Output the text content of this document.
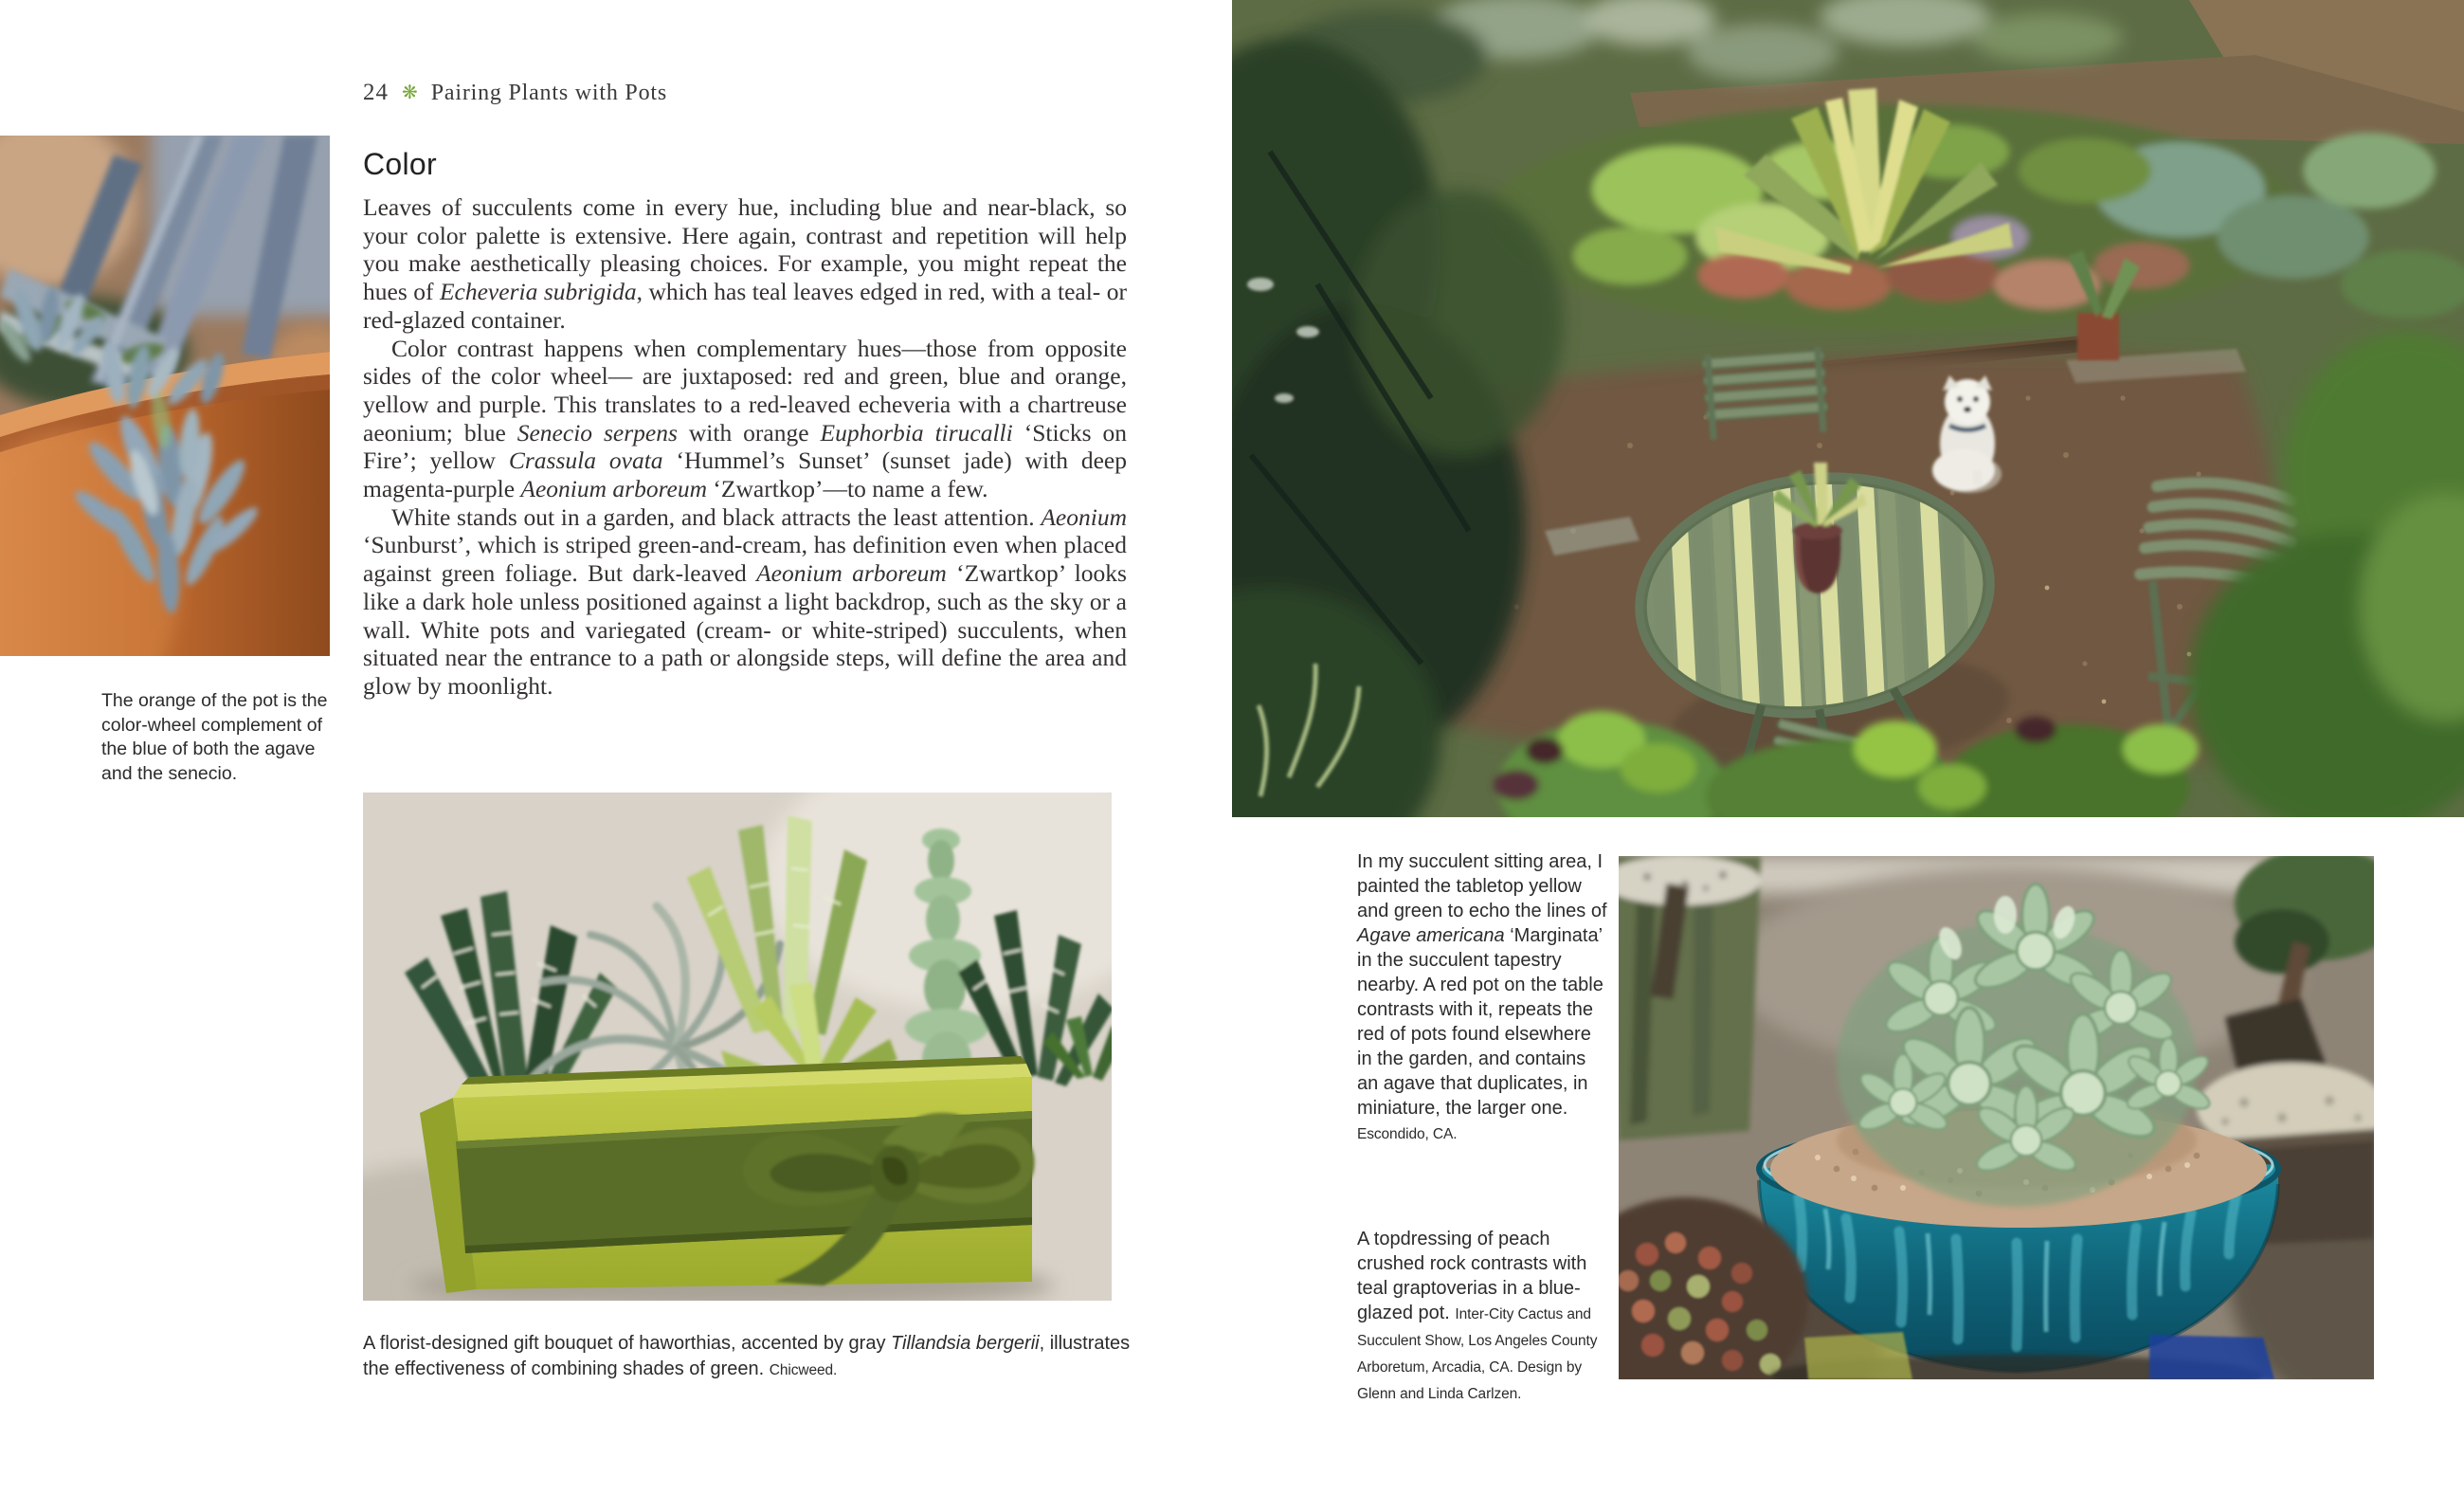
24 ❋ Pairing Plants with Pots
Color

Leaves of succulents come in every hue, including blue and near-black, so your color palette is extensive. Here again, contrast and repetition will help you make aesthetically pleasing choices. For example, you might repeat the hues of Echeveria subrigida, which has teal leaves edged in red, with a teal- or red-glazed container.

Color contrast happens when complementary hues—those from opposite sides of the color wheel— are juxtaposed: red and green, blue and orange, yellow and purple. This translates to a red-leaved echeveria with a chartreuse aeonium; blue Senecio serpens with orange Euphorbia tirucalli ‘Sticks on Fire’; yellow Crassula ovata ‘Hummel’s Sunset’ (sunset jade) with deep magenta-purple Aeonium arboreum ‘Zwartkop’—to name a few.

White stands out in a garden, and black attracts the least attention. Aeonium ‘Sunburst’, which is striped green-and-cream, has definition even when placed against green foliage. But dark-leaved Aeonium arboreum ‘Zwartkop’ looks like a dark hole unless positioned against a light backdrop, such as the sky or a wall. White pots and variegated (cream- or white-striped) succulents, when situated near the entrance to a path or alongside steps, will define the area and glow by moonlight.

The orange of the pot is the color-wheel complement of the blue of both the agave and the senecio.
A florist-designed gift bouquet of haworthias, accented by gray Tillandsia bergerii, illustrates the effectiveness of combining shades of green. Chicweed.
In my succulent sitting area, I painted the tabletop yellow and green to echo the lines of Agave americana ‘Marginata’ in the succulent tapestry nearby. A red pot on the table contrasts with it, repeats the red of pots found elsewhere in the garden, and contains an agave that duplicates, in miniature, the larger one. Escondido, CA.
A topdressing of peach crushed rock contrasts with teal graptoverias in a blue-glazed pot. Inter-City Cactus and Succulent Show, Los Angeles County Arboretum, Arcadia, CA. Design by Glenn and Linda Carlzen.
